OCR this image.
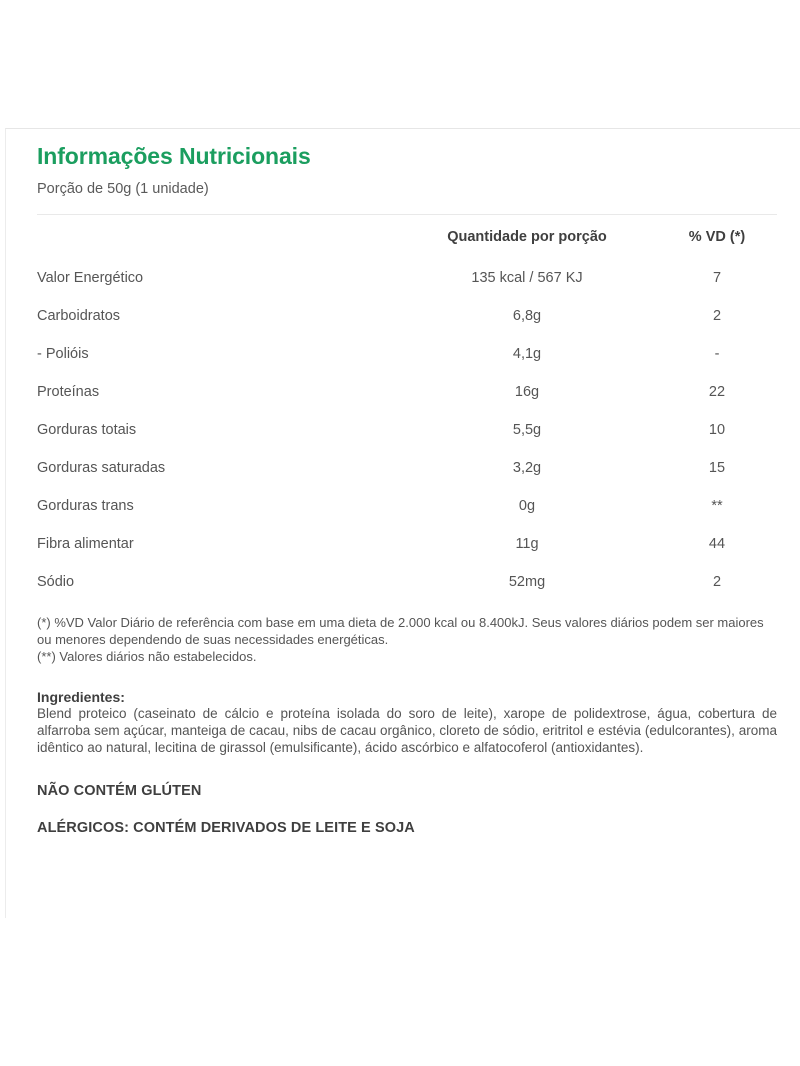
Informações Nutricionais
Porção de 50g (1 unidade)
	Quantidade por porção	% VD (*)
Valor Energético	135 kcal / 567 KJ	7
Carboidratos	6,8g	2
- Polióis	4,1g	-
Proteínas	16g	22
Gorduras totais	5,5g	10
Gorduras saturadas	3,2g	15
Gorduras trans	0g	**
Fibra alimentar	11g	44
Sódio	52mg	2
(*) %VD Valor Diário de referência com base em uma dieta de 2.000 kcal ou 8.400kJ. Seus valores diários podem ser maiores ou menores dependendo de suas necessidades energéticas.
(**) Valores diários não estabelecidos.
Ingredientes:
Blend proteico (caseinato de cálcio e proteína isolada do soro de leite), xarope de polidextrose, água, cobertura de alfarroba sem açúcar, manteiga de cacau, nibs de cacau orgânico, cloreto de sódio, eritritol e estévia (edulcorantes), aroma idêntico ao natural, lecitina de girassol (emulsificante), ácido ascórbico e alfatocoferol (antioxidantes).
NÃO CONTÉM GLÚTEN
ALÉRGICOS: CONTÉM DERIVADOS DE LEITE E SOJA
